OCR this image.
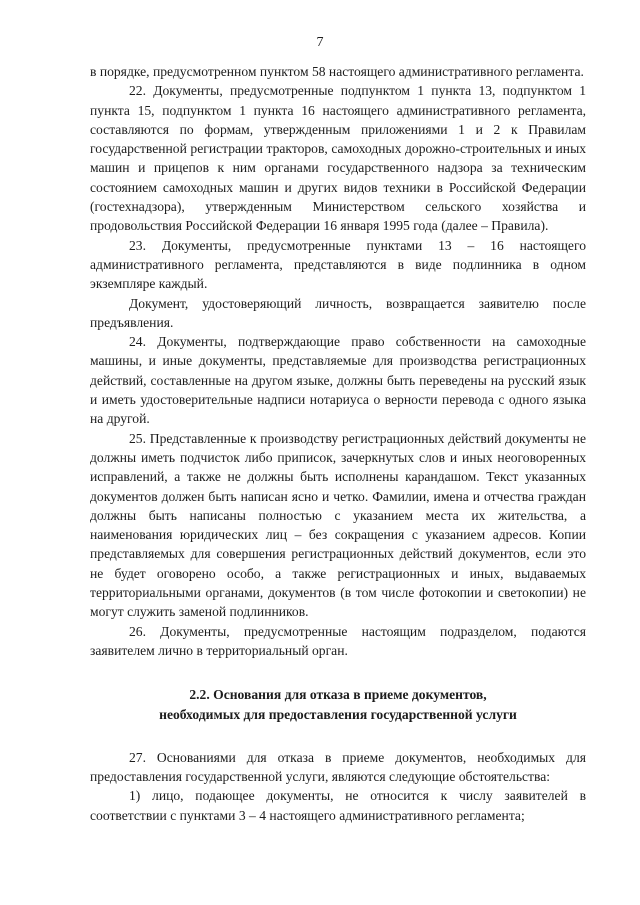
7

в порядке, предусмотренном пунктом 58 настоящего административного регламента.

22. Документы, предусмотренные подпунктом 1 пункта 13, подпунктом 1 пункта 15, подпунктом 1 пункта 16 настоящего административного регламента, составляются по формам, утвержденным приложениями 1 и 2 к Правилам государственной регистрации тракторов, самоходных дорожно-строительных и иных машин и прицепов к ним органами государственного надзора за техническим состоянием самоходных машин и других видов техники в Российской Федерации (гостехнадзора), утвержденным Министерством сельского хозяйства и продовольствия Российской Федерации 16 января 1995 года (далее – Правила).

23. Документы, предусмотренные пунктами 13 – 16 настоящего административного регламента, представляются в виде подлинника в одном экземпляре каждый.

Документ, удостоверяющий личность, возвращается заявителю после предъявления.

24. Документы, подтверждающие право собственности на самоходные машины, и иные документы, представляемые для производства регистрационных действий, составленные на другом языке, должны быть переведены на русский язык и иметь удостоверительные надписи нотариуса о верности перевода с одного языка на другой.

25. Представленные к производству регистрационных действий документы не должны иметь подчисток либо приписок, зачеркнутых слов и иных неоговоренных исправлений, а также не должны быть исполнены карандашом. Текст указанных документов должен быть написан ясно и четко. Фамилии, имена и отчества граждан должны быть написаны полностью с указанием места их жительства, а наименования юридических лиц – без сокращения с указанием адресов. Копии представляемых для совершения регистрационных действий документов, если это не будет оговорено особо, а также регистрационных и иных, выдаваемых территориальными органами, документов (в том числе фотокопии и светокопии) не могут служить заменой подлинников.

26. Документы, предусмотренные настоящим подразделом, подаются заявителем лично в территориальный орган.

2.2. Основания для отказа в приеме документов,
необходимых для предоставления государственной услуги

27. Основаниями для отказа в приеме документов, необходимых для предоставления государственной услуги, являются следующие обстоятельства:

1) лицо, подающее документы, не относится к числу заявителей в соответствии с пунктами 3 – 4 настоящего административного регламента;
